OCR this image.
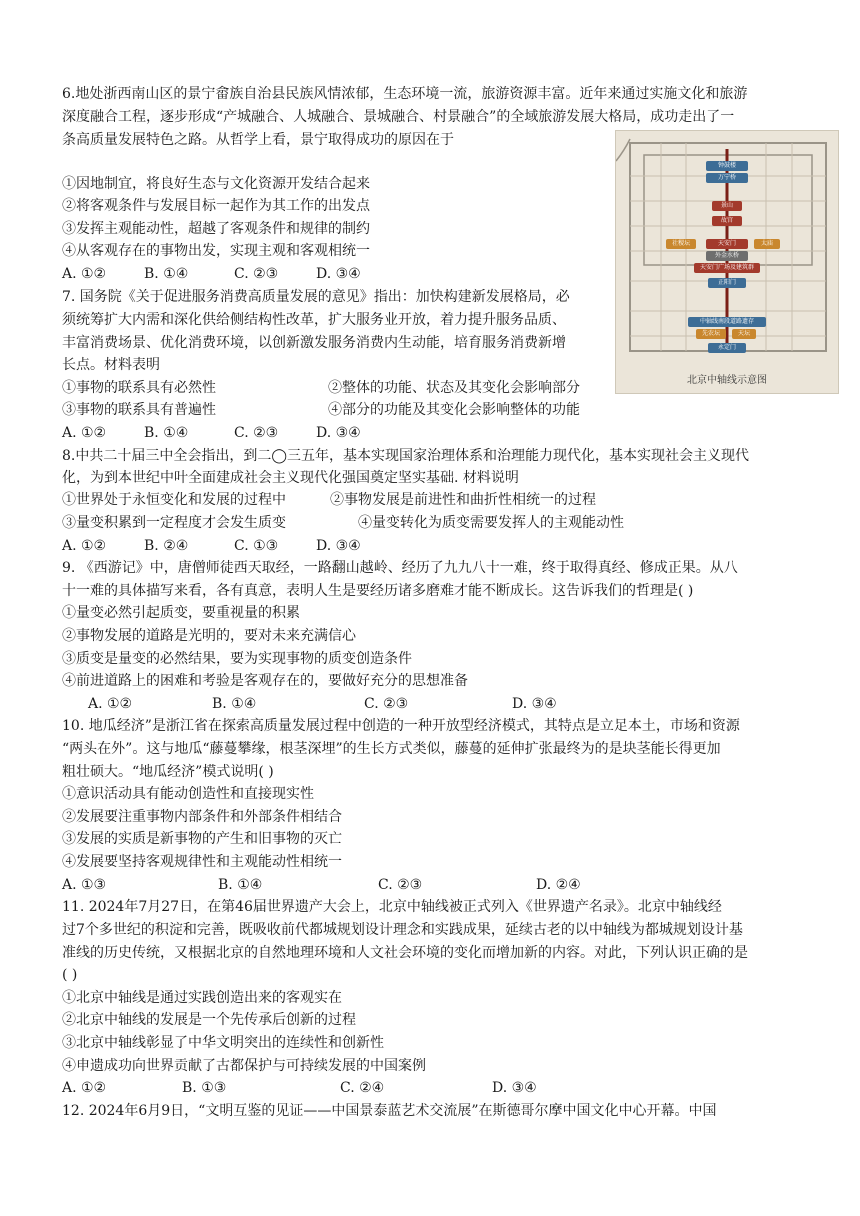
6.地处浙西南山区的景宁畲族自治县民族风情浓郁，生态环境一流，旅游资源丰富。近年来通过实施文化和旅游
深度融合工程，逐步形成“产城融合、人城融合、景城融合、村景融合”的全域旅游发展大格局，成功走出了一
条高质量发展特色之路。从哲学上看，景宁取得成功的原因在于
①因地制宜，将良好生态与文化资源开发结合起来
②将客观条件与发展目标一起作为其工作的出发点
③发挥主观能动性，超越了客观条件和规律的制约
④从客观存在的事物出发，实现主观和客观相统一
A. ①②	B. ①④	C. ②③	D. ③④
7. 国务院《关于促进服务消费高质量发展的意见》指出：加快构建新发展格局，必
须统筹扩大内需和深化供给侧结构性改革，扩大服务业开放，着力提升服务品质、
丰富消费场景、优化消费环境，以创新激发服务消费内生动能，培育服务消费新增
长点。材料表明
①事物的联系具有必然性	②整体的功能、状态及其变化会影响部分
③事物的联系具有普遍性	④部分的功能及其变化会影响整体的功能
A. ①②	B. ①④	C. ②③	D. ③④
8.中共二十届三中全会指出，到二◯三五年，基本实现国家治理体系和治理能力现代化，基本实现社会主义现代
化，为到本世纪中叶全面建成社会主义现代化强国奠定坚实基础. 材料说明
①世界处于永恒变化和发展的过程中	②事物发展是前进性和曲折性相统一的过程
③量变积累到一定程度才会发生质变	④量变转化为质变需要发挥人的主观能动性
A. ①②	B. ②④	C. ①③	D. ③④
9. 《西游记》中，唐僧师徒西天取经，一路翻山越岭、经历了九九八十一难，终于取得真经、修成正果。从八
十一难的具体描写来看，各有真意，表明人生是要经历诸多磨难才能不断成长。这告诉我们的哲理是( )
①量变必然引起质变，要重视量的积累
②事物发展的道路是光明的，要对未来充满信心
③质变是量变的必然结果，要为实现事物的质变创造条件
④前进道路上的困难和考验是客观存在的，要做好充分的思想准备
A. ①②	B. ①④	C. ②③	D. ③④
10. 地瓜经济”是浙江省在探索高质量发展过程中创造的一种开放型经济模式，其特点是立足本土，市场和资源
“两头在外”。这与地瓜“藤蔓攀缘，根茎深埋”的生长方式类似，藤蔓的延伸扩张最终为的是块茎能长得更加
粗壮硕大。“地瓜经济”模式说明( )
①意识活动具有能动创造性和直接现实性
②发展要注重事物内部条件和外部条件相结合
③发展的实质是新事物的产生和旧事物的灭亡
④发展要坚持客观规律性和主观能动性相统一
A. ①③	B. ①④	C. ②③	D. ②④
11. 2024年7月27日，在第46届世界遗产大会上，北京中轴线被正式列入《世界遗产名录》。北京中轴线经
过7个多世纪的积淀和完善，既吸收前代都城规划设计理念和实践成果，延续古老的以中轴线为都城规划设计基
准线的历史传统，又根据北京的自然地理环境和人文社会环境的变化而增加新的内容。对此，下列认识正确的是
( )
①北京中轴线是通过实践创造出来的客观实在
②北京中轴线的发展是一个先传承后创新的过程
③北京中轴线彰显了中华文明突出的连续性和创新性
④申遗成功向世界贡献了古都保护与可持续发展的中国案例
A. ①②	B. ①③	C. ②④	D. ③④
12. 2024年6月9日，“文明互鉴的见证——中国景泰蓝艺术交流展”在斯德哥尔摩中国文化中心开幕。中国
钟鼓楼
万宁桥
景山
故宫
社稷坛	天安门	太庙
外金水桥
天安门广场及建筑群
正阳门
中轴线南段道路遗存
先农坛	天坛
永定门
北京中轴线示意图
